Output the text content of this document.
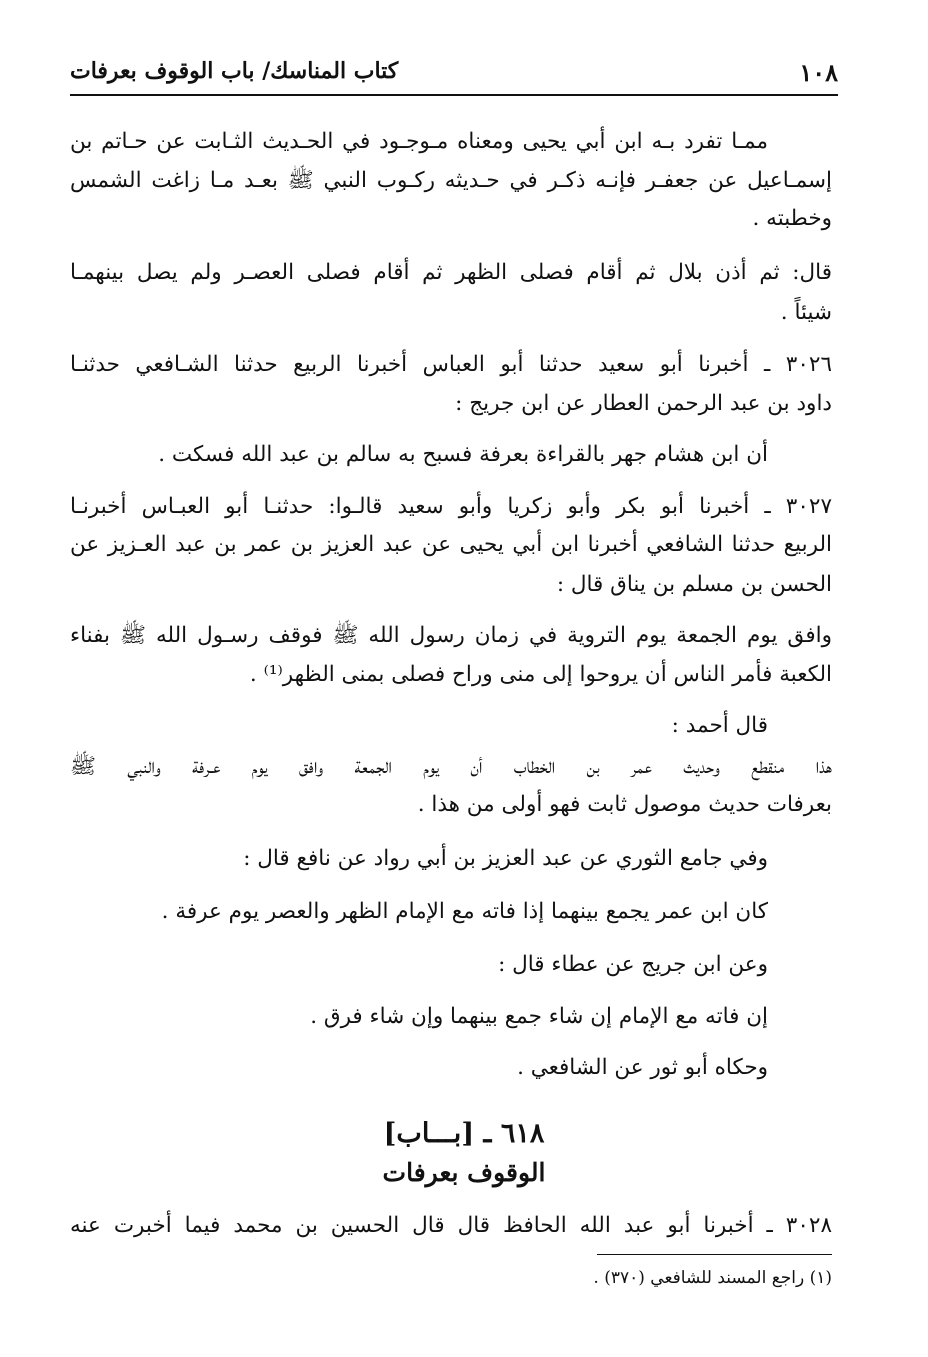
١٠٨
كتاب المناسك/ باب الوقوف بعرفات
ممـا تفرد بـه ابن أبي يحيى ومعناه مـوجـود في الحـديث الثـابت عن حـاتم بن
إسمـاعيل عن جعفـر فإنـه ذكـر في حـديثه ركـوب النبي ﷺ بعـد مـا زاغت الشمس
وخطبته .
قال: ثم أذن بلال ثم أقام فصلى الظهر ثم أقام فصلى العصـر ولم يصل بينهمـا
شيئاً .
٣٠٢٦ ـ أخبرنا أبو سعيد حدثنا أبو العباس أخبرنا الربيع حدثنا الشـافعي حدثنـا
داود بن عبد الرحمن العطار عن ابن جريج :
أن ابن هشام جهر بالقراءة بعرفة فسبح به سالم بن عبد الله فسكت .
٣٠٢٧ ـ أخبرنا أبو بكر وأبو زكريا وأبو سعيد قالـوا: حدثنـا أبو العبـاس أخبرنـا
الربيع حدثنا الشافعي أخبرنا ابن أبي يحيى عن عبد العزيز بن عمر بن عبد العـزيز عن
الحسن بن مسلم بن يناق قال :
وافق يوم الجمعة يوم التروية في زمان رسول الله ﷺ فوقف رسـول الله ﷺ بفناء
الكعبة فأمر الناس أن يروحوا إلى منى وراح فصلى بمنى الظهر⁽¹⁾ .
قال أحمد :
هذا منقطع وحديث عمر بن الخطاب أن يوم الجمعة وافق يوم عـرفة والنبي ﷺ
بعرفات حديث موصول ثابت فهو أولى من هذا .
وفي جامع الثوري عن عبد العزيز بن أبي رواد عن نافع قال :
كان ابن عمر يجمع بينهما إذا فاته مع الإمام الظهر والعصر يوم عرفة .
وعن ابن جريج عن عطاء قال :
إن فاته مع الإمام إن شاء جمع بينهما وإن شاء فرق .
وحكاه أبو ثور عن الشافعي .
٦١٨ ـ [بـــاب]
الوقوف بعرفات
٣٠٢٨ ـ أخبرنا أبو عبد الله الحافظ قال قال الحسين بن محمد فيما أخبرت عنه
(١) راجع المسند للشافعي (٣٧٠) .
